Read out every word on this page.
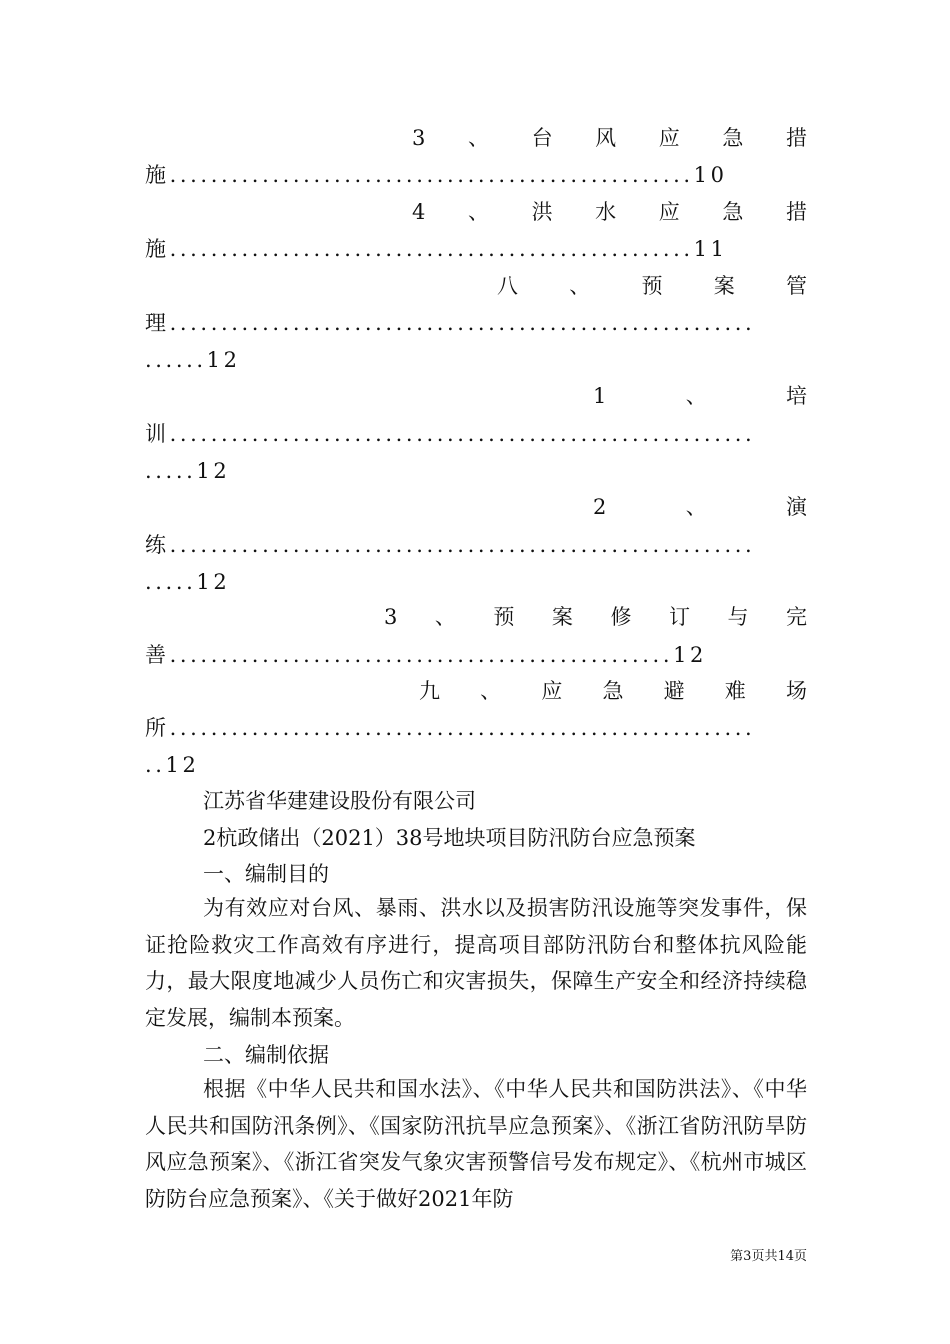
3 、 台 风 应 急 措
施...................................................10
4 、 洪 水 应 急 措
施...................................................11
八 、 预 案 管
理.........................................................
......12
1	、	培
训.........................................................
.....12
2	、	演
练.........................................................
.....12
3 、 预 案 修 订 与 完
善.................................................12
九 、 应 急 避 难 场
所.........................................................
..12
江苏省华建建设股份有限公司
2杭政储出（2021）38号地块项目防汛防台应急预案
一、编制目的
为有效应对台风、暴雨、洪水以及损害防汛设施等突发事件，保证抢险救灾工作高效有序进行，提高项目部防汛防台和整体抗风险能力，最大限度地减少人员伤亡和灾害损失，保障生产安全和经济持续稳定发展，编制本预案。
二、编制依据
根据《中华人民共和国水法》、《中华人民共和国防洪法》、《中华人民共和国防汛条例》、《国家防汛抗旱应急预案》、《浙江省防汛防旱防风应急预案》、《浙江省突发气象灾害预警信号发布规定》、《杭州市城区防防台应急预案》、《关于做好2021年防
第3页共14页
